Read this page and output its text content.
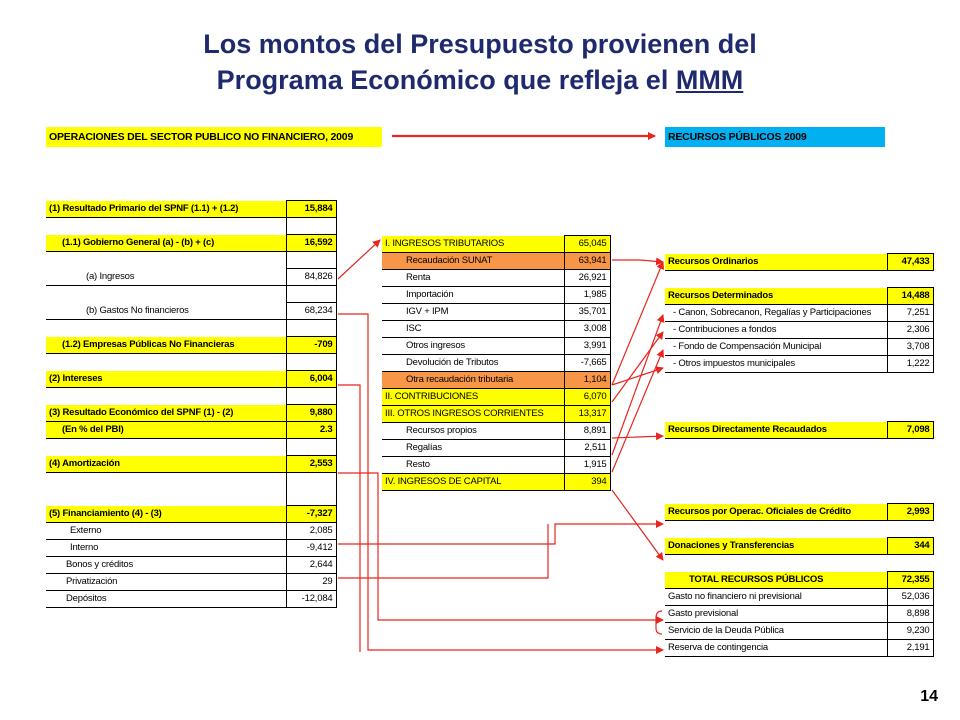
Los montos del Presupuesto provienen del
Programa Económico que refleja el MMM
OPERACIONES DEL SECTOR PUBLICO NO FINANCIERO, 2009	RECURSOS PÚBLICOS 2009
(1) Resultado Primario del SPNF (1.1) + (1.2)	15,884

(1.1) Gobierno General (a) - (b) + (c)	16,592

(a) Ingresos	84,826

(b) Gastos No financieros	68,234

(1.2) Empresas Públicas No Financieras	-709

(2) Intereses	6,004

(3) Resultado Económico del SPNF (1) - (2)	9,880
(En % del PBI)	2.3

(4) Amortización	2,553

(5) Financiamiento (4) - (3)	-7,327
Externo	2,085
Interno	-9,412
Bonos y créditos	2,644
Privatización	29
Depósitos	-12,084
I. INGRESOS TRIBUTARIOS	65,045
Recaudación SUNAT	63,941
Renta	26,921
Importación	1,985
IGV + IPM	35,701
ISC	3,008
Otros ingresos	3,991
Devolución de Tributos	-7,665
Otra recaudación tributaria	1,104
II. CONTRIBUCIONES	6,070
III. OTROS INGRESOS CORRIENTES	13,317
Recursos propios	8,891
Regalías	2,511
Resto	1,915
IV. INGRESOS DE CAPITAL	394
Recursos Ordinarios	47,433

Recursos Determinados	14,488
- Canon, Sobrecanon, Regalías y Participaciones	7,251
- Contribuciones a fondos	2,306
- Fondo de Compensación Municipal	3,708
- Otros impuestos municipales	1,222

Recursos Directamente Recaudados	7,098

Recursos por Operac. Oficiales de Crédito	2,993

Donaciones y Transferencias	344

TOTAL RECURSOS PÚBLICOS	72,355
Gasto no financiero ni previsional	52,036
Gasto previsional	8,898
Servicio de la Deuda Pública	9,230
Reserva de contingencia	2,191
14
